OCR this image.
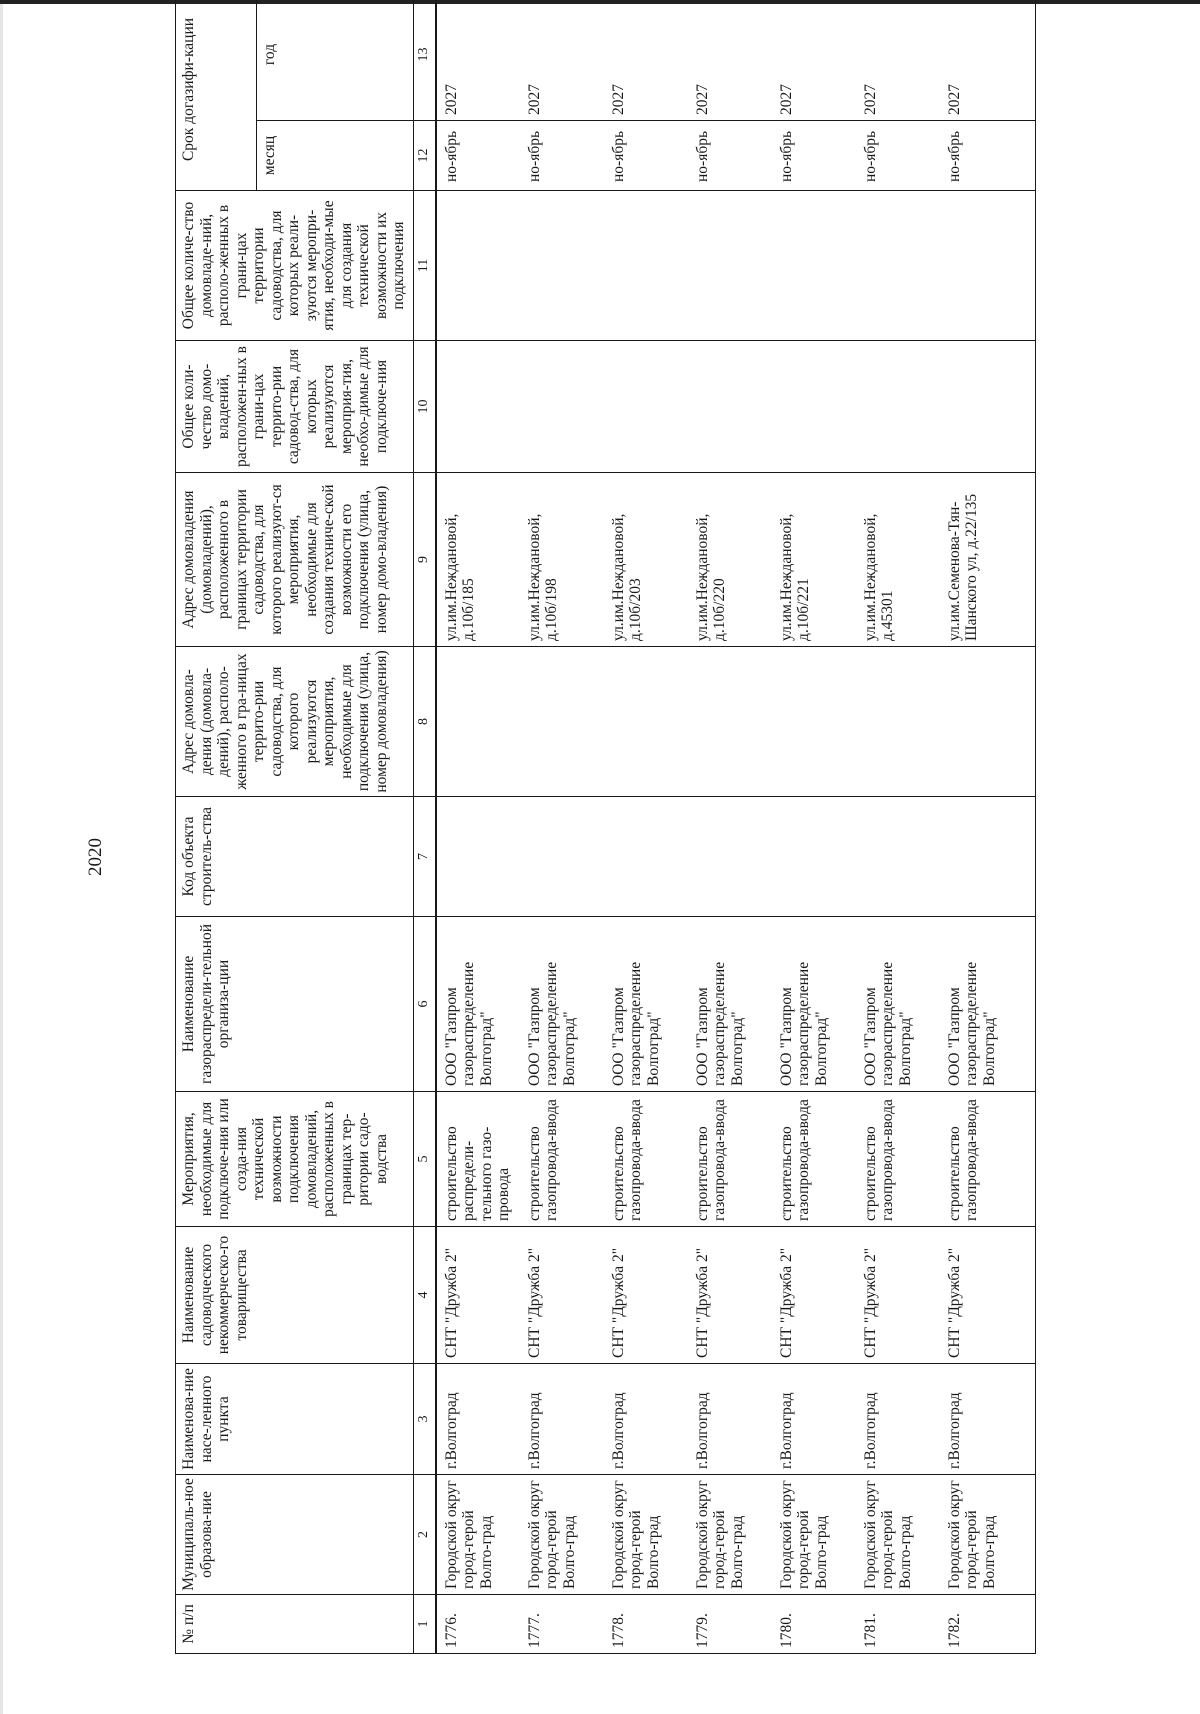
2020

№ п/п	Муниципаль-ное образова-ние	Наименова-ние насе-ленного пункта	Наименование садоводческого некоммерческо-го товарищества	Мероприятия, необходимые для подключе-ния или созда-ния технической возможности подключения домовладений, расположенных в границах тер-ритории садо-водства	Наименование газораспредели-тельной организа-ции	Код объекта строитель-ства	Адрес домовла-дения (домовла-дений), располо-женного в гра-ницах террито-рии садоводства, для которого реализуются мероприятия, необходимые для подключения (улица, номер домовладения)	Адрес домовладения (домовладений), расположенного в границах территории садоводства, для которого реализуют-ся мероприятия, необходимые для создания техниче-ской возможности его подключения (улица, номер домо-владения)	Общее коли-чество домо-владений, расположен-ных в грани-цах террито-рии садовод-ства, для которых реализуются мероприя-тия, необхо-димые для подключе-ния	Общее количе-ство домовладе-ний, располо-женных в грани-цах территории садоводства, для которых реали-зуются меропри-ятия, необходи-мые для создания технической возможности их подключения	Срок догазифи-кации	
											месяц	год
1	2	3	4	5	6	7	8	9	10	11	12	13
1776.	Городской округ город-герой Волго-град	г.Волгоград	СНТ "Дружба 2"	строительство распредели-тельного газо-провода	ООО "Газпром газораспределение Волгоград"			ул.им.Неждановой, д.10б/185			но-ябрь	2027
1777.	Городской округ город-герой Волго-град	г.Волгоград	СНТ "Дружба 2"	строительство газопровода-ввода	ООО "Газпром газораспределение Волгоград"			ул.им.Неждановой, д.10б/198			но-ябрь	2027
1778.	Городской округ город-герой Волго-град	г.Волгоград	СНТ "Дружба 2"	строительство газопровода-ввода	ООО "Газпром газораспределение Волгоград"			ул.им.Неждановой, д.10б/203			но-ябрь	2027
1779.	Городской округ город-герой Волго-град	г.Волгоград	СНТ "Дружба 2"	строительство газопровода-ввода	ООО "Газпром газораспределение Волгоград"			ул.им.Неждановой, д.10б/220			но-ябрь	2027
1780.	Городской округ город-герой Волго-град	г.Волгоград	СНТ "Дружба 2"	строительство газопровода-ввода	ООО "Газпром газораспределение Волгоград"			ул.им.Неждановой, д.10б/221			но-ябрь	2027
1781.	Городской округ город-герой Волго-град	г.Волгоград	СНТ "Дружба 2"	строительство газопровода-ввода	ООО "Газпром газораспределение Волгоград"			ул.им.Неждановой, д.45301			но-ябрь	2027
1782.	Городской округ город-герой Волго-град	г.Волгоград	СНТ "Дружба 2"	строительство газопровода-ввода	ООО "Газпром газораспределение Волгоград"			ул.им.Семенова-Тян-Шанского ул, д.22/135			но-ябрь	2027
